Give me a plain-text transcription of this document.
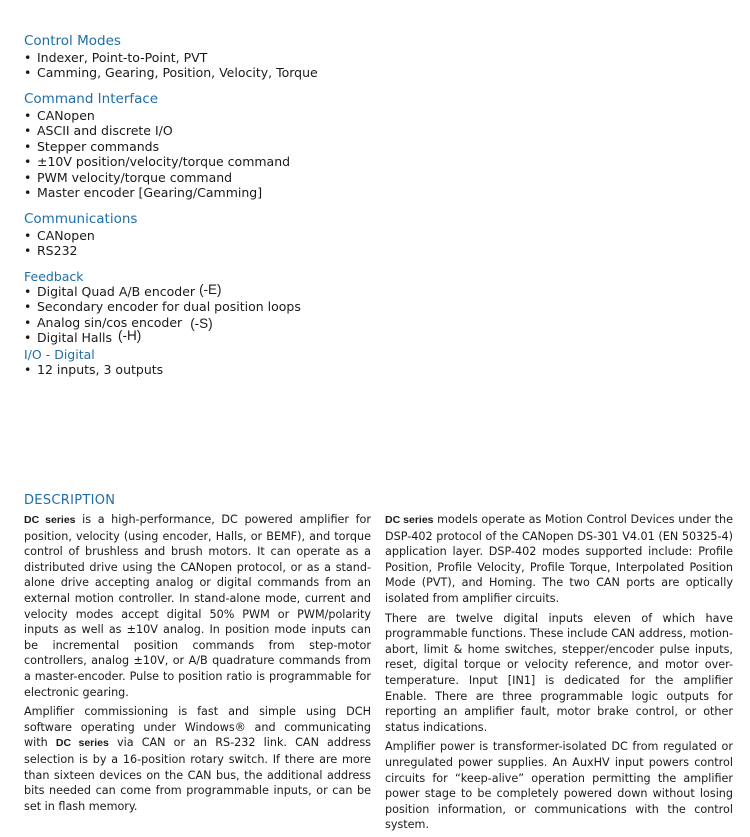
Control Modes
• Indexer, Point-to-Point, PVT
• Camming, Gearing, Position, Velocity, Torque
Command Interface
• CANopen
• ASCII and discrete I/O
• Stepper commands
• ±10V position/velocity/torque command
• PWM velocity/torque command
• Master encoder [Gearing/Camming]
Communications
• CANopen
• RS232
Feedback
• Digital Quad A/B encoder (-E)
• Secondary encoder for dual position loops
• Analog sin/cos encoder (-S)
• Digital Halls (-H)
I/O - Digital
• 12 inputs, 3 outputs
DESCRIPTION

DC series is a high-performance, DC powered amplifier for position, velocity (using encoder, Halls, or BEMF), and torque control of brushless and brush motors. It can operate as a distributed drive using the CANopen protocol, or as a stand-alone drive accepting analog or digital commands from an external motion controller. In stand-alone mode, current and velocity modes accept digital 50% PWM or PWM/polarity inputs as well as ±10V analog. In position mode inputs can be incremental position commands from step-motor controllers, analog ±10V, or A/B quadrature commands from a master-encoder. Pulse to position ratio is programmable for electronic gearing.

Amplifier commissioning is fast and simple using DCH software operating under Windows® and communicating with DC series via CAN or an RS-232 link. CAN address selection is by a 16-position rotary switch. If there are more than sixteen devices on the CAN bus, the additional address bits needed can come from programmable inputs, or can be set in flash memory.

DC series models operate as Motion Control Devices under the DSP-402 protocol of the CANopen DS-301 V4.01 (EN 50325-4) application layer. DSP-402 modes supported include: Profile Position, Profile Velocity, Profile Torque, Interpolated Position Mode (PVT), and Homing. The two CAN ports are optically isolated from amplifier circuits.

There are twelve digital inputs eleven of which have programmable functions. These include CAN address, motion-abort, limit & home switches, stepper/encoder pulse inputs, reset, digital torque or velocity reference, and motor over-temperature. Input [IN1] is dedicated for the amplifier Enable. There are three programmable logic outputs for reporting an amplifier fault, motor brake control, or other status indications.

Amplifier power is transformer-isolated DC from regulated or unregulated power supplies. An AuxHV input powers control circuits for “keep-alive” operation permitting the amplifier power stage to be completely powered down without losing position information, or communications with the control system.
